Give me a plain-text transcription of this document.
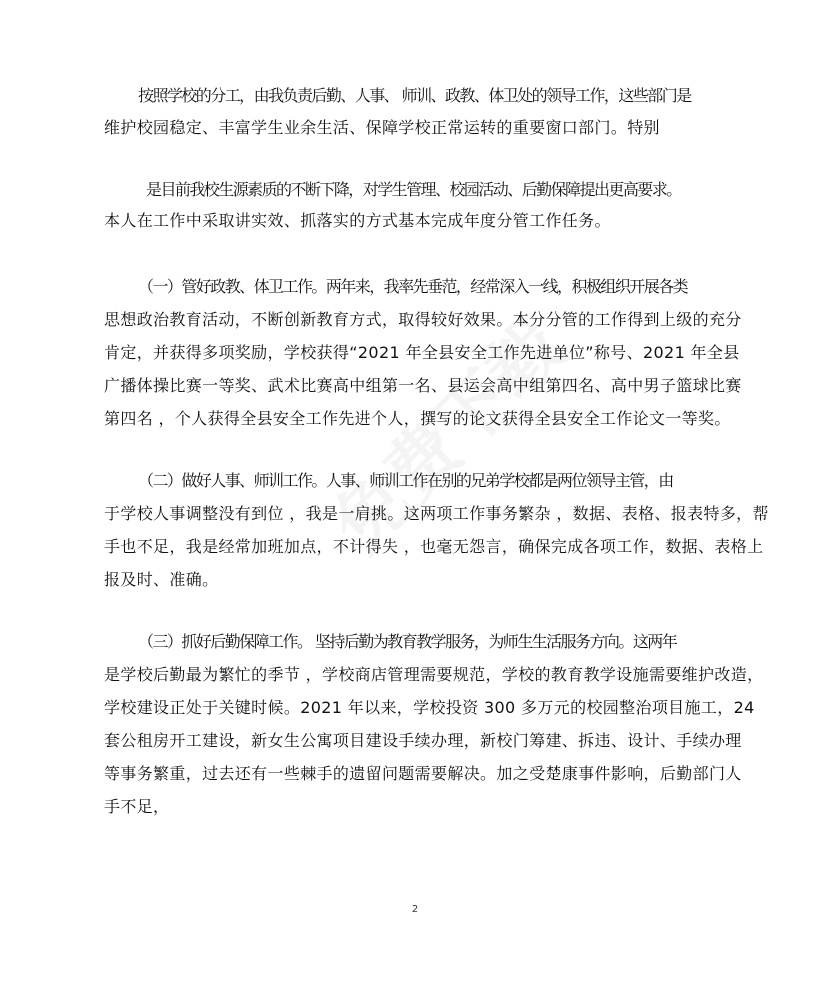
按照学校的分工，由我负责后勤、人事、 师训、政教、体卫处的领导工作，这些部门是
维护校园稳定、丰富学生业余生活、保障学校正常运转的重要窗口部门。特别
是目前我校生源素质的不断下降，对学生管理、校园活动、后勤保障提出更高要求。
本人在工作中采取讲实效、抓落实的方式基本完成年度分管工作任务。
（一）管好政教、体卫工作。两年来，我率先垂范，经常深入一线，积极组织开展各类
思想政治教育活动，不断创新教育方式，取得较好效果。本分分管的工作得到上级的充分
肯定，并获得多项奖励，学校获得“2021 年全县安全工作先进单位”称号、2021 年全县
广播体操比赛一等奖、武术比赛高中组第一名、县运会高中组第四名、高中男子篮球比赛
第四名 ，个人获得全县安全工作先进个人，撰写的论文获得全县安全工作论文一等奖。
（二）做好人事、师训工作。人事、师训工作在别的兄弟学校都是两位领导主管，由
于学校人事调整没有到位 ，我是一肩挑。这两项工作事务繁杂 ，数据、表格、报表特多，帮
手也不足，我是经常加班加点，不计得失 ，也毫无怨言，确保完成各项工作，数据、表格上
报及时、准确。
（三）抓好后勤保障工作。 坚持后勤为教育教学服务，为师生生活服务方向。这两年
是学校后勤最为繁忙的季节 ，学校商店管理需要规范，学校的教育教学设施需要维护改造，
学校建设正处于关键时候。2021 年以来，学校投资 300 多万元的校园整治项目施工，24
套公租房开工建设，新女生公寓项目建设手续办理，新校门筹建、拆违、设计、手续办理
等事务繁重，过去还有一些棘手的遗留问题需要解决。加之受楚康事件影响，后勤部门人
手不足，
2
